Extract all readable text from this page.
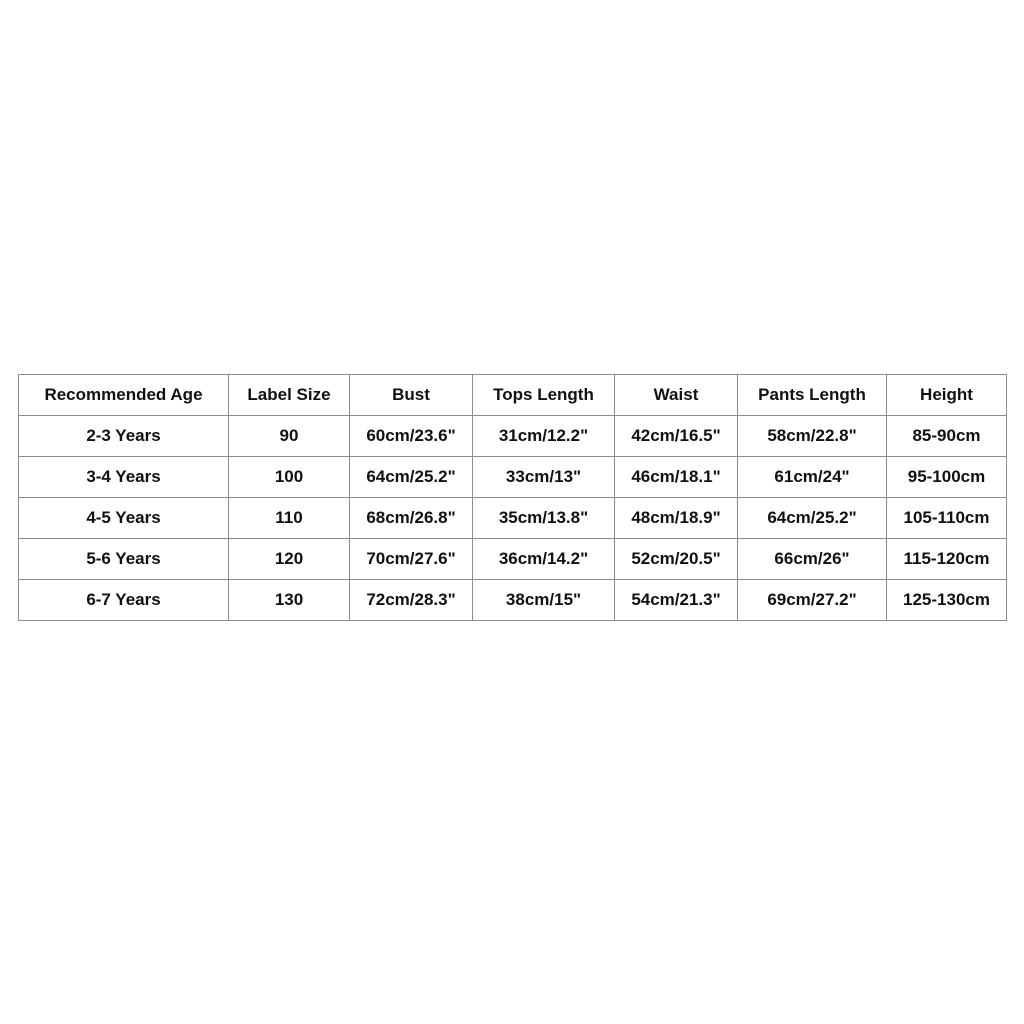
Recommended Age	Label Size	Bust	Tops Length	Waist	Pants Length	Height
2-3 Years	90	60cm/23.6"	31cm/12.2"	42cm/16.5"	58cm/22.8"	85-90cm
3-4 Years	100	64cm/25.2"	33cm/13"	46cm/18.1"	61cm/24"	95-100cm
4-5 Years	110	68cm/26.8"	35cm/13.8"	48cm/18.9"	64cm/25.2"	105-110cm
5-6 Years	120	70cm/27.6"	36cm/14.2"	52cm/20.5"	66cm/26"	115-120cm
6-7 Years	130	72cm/28.3"	38cm/15"	54cm/21.3"	69cm/27.2"	125-130cm
